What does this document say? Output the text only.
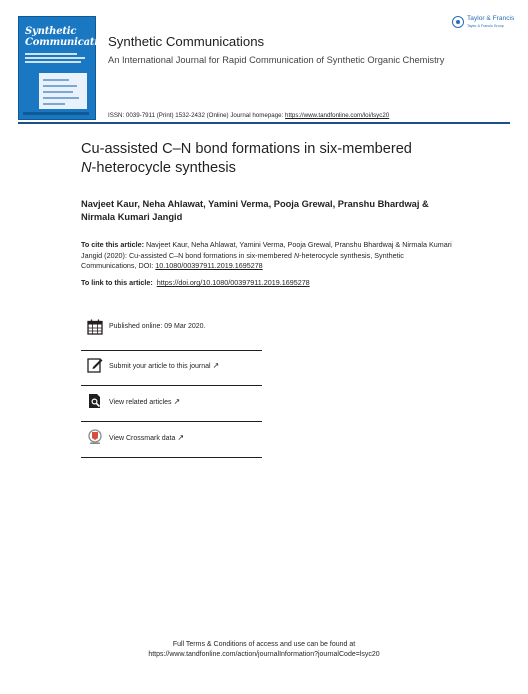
Synthetic
Communications
Synthetic Communications
An International Journal for Rapid Communication of Synthetic Organic Chemistry
ISSN: 0039-7911 (Print) 1532-2432 (Online) Journal homepage: https://www.tandfonline.com/loi/lsyc20
Taylor & Francis
Taylor & Francis Group
Cu-assisted C–N bond formations in six-membered
N-heterocycle synthesis
Navjeet Kaur, Neha Ahlawat, Yamini Verma, Pooja Grewal, Pranshu Bhardwaj & Nirmala Kumari Jangid
To cite this article: Navjeet Kaur, Neha Ahlawat, Yamini Verma, Pooja Grewal, Pranshu Bhardwaj & Nirmala Kumari Jangid (2020): Cu-assisted C–N bond formations in six-membered N-heterocycle synthesis, Synthetic Communications, DOI: 10.1080/00397911.2019.1695278
To link to this article: https://doi.org/10.1080/00397911.2019.1695278
Published online: 09 Mar 2020.
Submit your article to this journal ↗
View related articles ↗
View Crossmark data ↗
Full Terms & Conditions of access and use can be found at
https://www.tandfonline.com/action/journalInformation?journalCode=lsyc20
